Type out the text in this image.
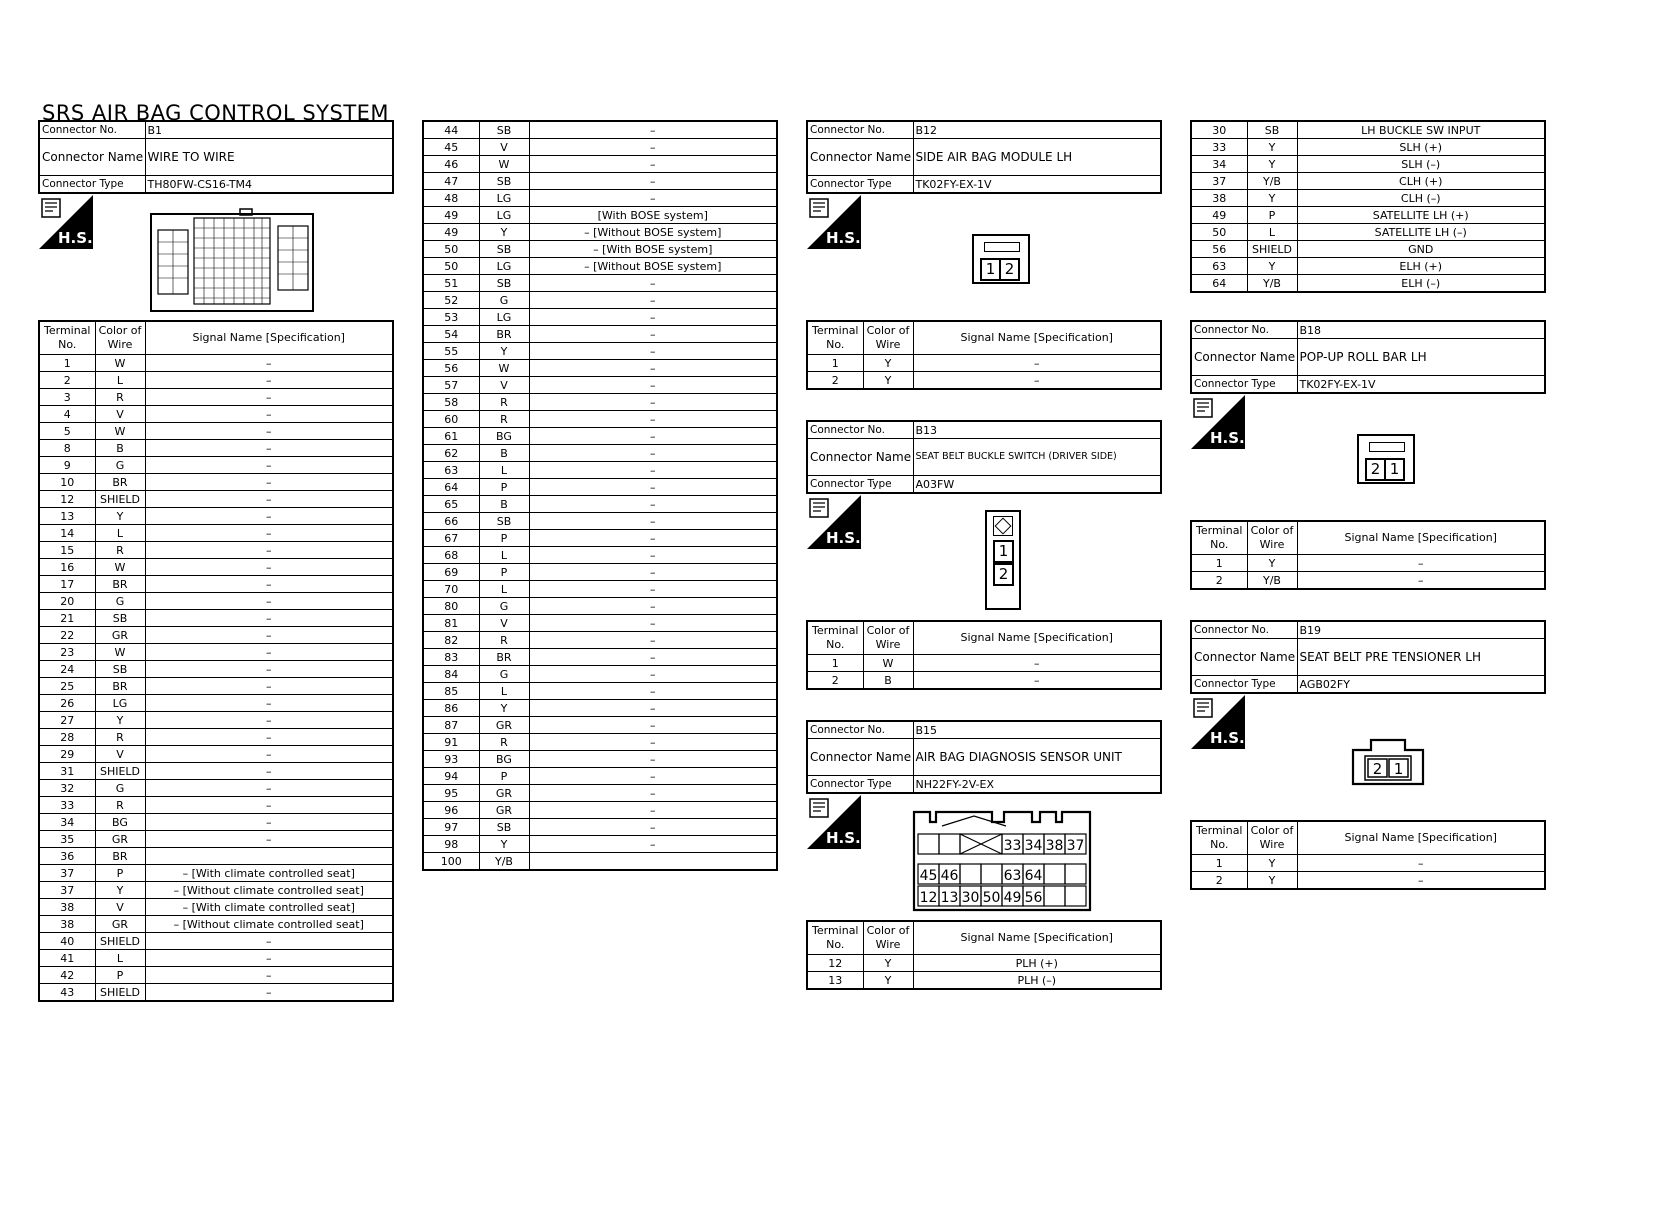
SRS AIR BAG CONTROL SYSTEM
Connector No.	B1
Connector Name	WIRE TO WIRE
Connector Type	TH80FW-CS16-TM4
H.S.
Terminal No.	Color of Wire	Signal Name [Specification]
1	W	–
2	L	–
3	R	–
4	V	–
5	W	–
8	B	–
9	G	–
10	BR	–
12	SHIELD	–
13	Y	–
14	L	–
15	R	–
16	W	–
17	BR	–
20	G	–
21	SB	–
22	GR	–
23	W	–
24	SB	–
25	BR	–
26	LG	–
27	Y	–
28	R	–
29	V	–
31	SHIELD	–
32	G	–
33	R	–
34	BG	–
35	GR	–
36	BR	
37	P	– [With climate controlled seat]
37	Y	– [Without climate controlled seat]
38	V	– [With climate controlled seat]
38	GR	– [Without climate controlled seat]
40	SHIELD	–
41	L	–
42	P	–
43	SHIELD	–
44	SB	–
45	V	–
46	W	–
47	SB	–
48	LG	–
49	LG	[With BOSE system]
49	Y	– [Without BOSE system]
50	SB	– [With BOSE system]
50	LG	– [Without BOSE system]
51	SB	–
52	G	–
53	LG	–
54	BR	–
55	Y	–
56	W	–
57	V	–
58	R	–
60	R	–
61	BG	–
62	B	–
63	L	–
64	P	–
65	B	–
66	SB	–
67	P	–
68	L	–
69	P	–
70	L	–
80	G	–
81	V	–
82	R	–
83	BR	–
84	G	–
85	L	–
86	Y	–
87	GR	–
91	R	–
93	BG	–
94	P	–
95	GR	–
96	GR	–
97	SB	–
98	Y	–
100	Y/B	
Connector No.	B12
Connector Name	SIDE AIR BAG MODULE LH
Connector Type	TK02FY-EX-1V
H.S.
1 2
Terminal No.	Color of Wire	Signal Name [Specification]
1	Y	–
2	Y	–
Connector No.	B13
Connector Name	SEAT BELT BUCKLE SWITCH (DRIVER SIDE)
Connector Type	A03FW
H.S.
1
2
Terminal No.	Color of Wire	Signal Name [Specification]
1	W	–
2	B	–
Connector No.	B15
Connector Name	AIR BAG DIAGNOSIS SENSOR UNIT
Connector Type	NH22FY-2V-EX
H.S.	33 34 38 37
45 46	63 64
12 13 30 50 49 56
Terminal No.	Color of Wire	Signal Name [Specification]
12	Y	PLH (+)
13	Y	PLH (–)
30	SB	LH BUCKLE SW INPUT
33	Y	SLH (+)
34	Y	SLH (–)
37	Y/B	CLH (+)
38	Y	CLH (–)
49	P	SATELLITE LH (+)
50	L	SATELLITE LH (–)
56	SHIELD	GND
63	Y	ELH (+)
64	Y/B	ELH (–)
Connector No.	B18
Connector Name	POP-UP ROLL BAR LH
Connector Type	TK02FY-EX-1V
H.S.
2 1
Terminal No.	Color of Wire	Signal Name [Specification]
1	Y	–
2	Y/B	–
Connector No.	B19
Connector Name	SEAT BELT PRE TENSIONER LH
Connector Type	AGB02FY
H.S.
2 1
Terminal No.	Color of Wire	Signal Name [Specification]
1	Y	–
2	Y	–
